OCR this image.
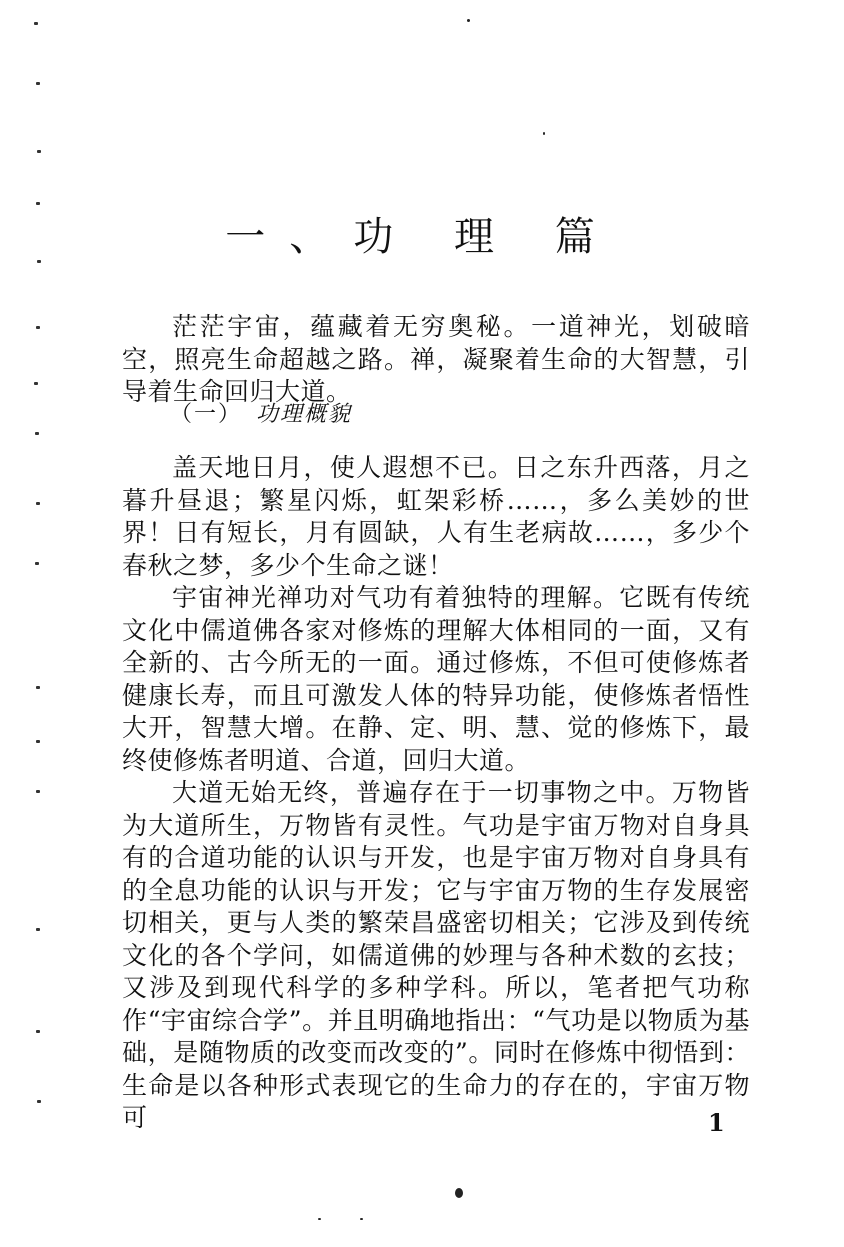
一、功 理 篇

茫茫宇宙，蕴藏着无穷奥秘。一道神光，划破暗空，照亮生命超越之路。禅，凝聚着生命的大智慧，引导着生命回归大道。

（一） 功理概貌

盖天地日月，使人遐想不已。日之东升西落，月之暮升昼退；繁星闪烁，虹架彩桥……，多么美妙的世界！日有短长，月有圆缺，人有生老病故……，多少个春秋之梦，多少个生命之谜！

宇宙神光禅功对气功有着独特的理解。它既有传统文化中儒道佛各家对修炼的理解大体相同的一面，又有全新的、古今所无的一面。通过修炼，不但可使修炼者健康长寿，而且可激发人体的特异功能，使修炼者悟性大开，智慧大增。在静、定、明、慧、觉的修炼下，最终使修炼者明道、合道，回归大道。

大道无始无终，普遍存在于一切事物之中。万物皆为大道所生，万物皆有灵性。气功是宇宙万物对自身具有的合道功能的认识与开发，也是宇宙万物对自身具有的全息功能的认识与开发；它与宇宙万物的生存发展密切相关，更与人类的繁荣昌盛密切相关；它涉及到传统文化的各个学问，如儒道佛的妙理与各种术数的玄技；又涉及到现代科学的多种学科。所以，笔者把气功称作“宇宙综合学”。并且明确地指出：“气功是以物质为基础，是随物质的改变而改变的”。同时在修炼中彻悟到：生命是以各种形式表现它的生命力的存在的，宇宙万物可	1
